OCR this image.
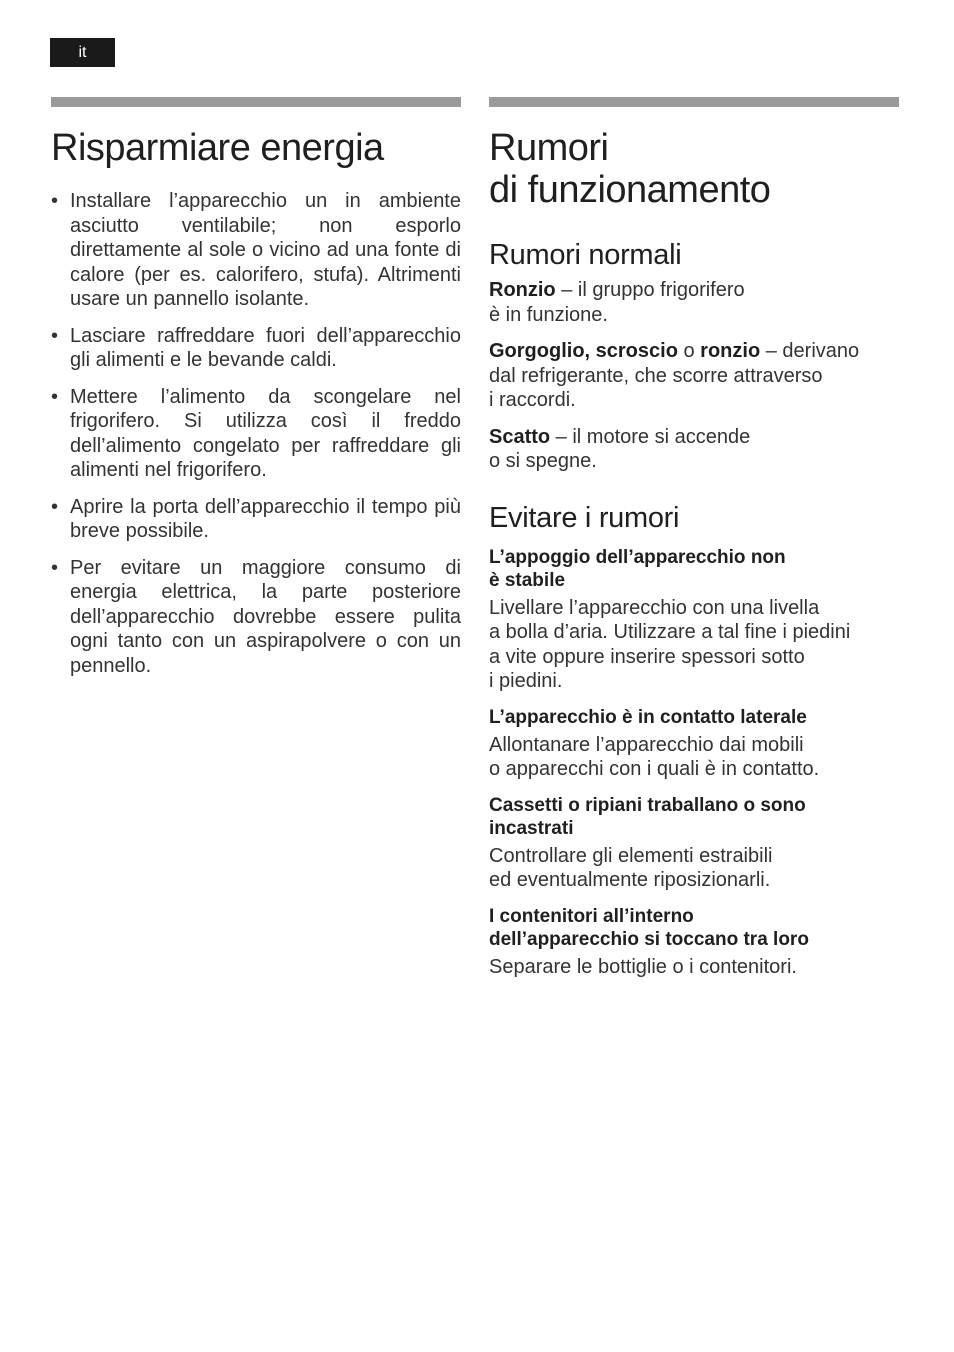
it
Risparmiare energia
• Installare l’apparecchio un in ambiente asciutto ventilabile; non esporlo direttamente al sole o vicino ad una fonte di calore (per es. calorifero, stufa). Altrimenti usare un pannello isolante.
• Lasciare raffreddare fuori dell’apparecchio gli alimenti e le bevande caldi.
• Mettere l’alimento da scongelare nel frigorifero. Si utilizza così il freddo dell’alimento congelato per raffreddare gli alimenti nel frigorifero.
• Aprire la porta dell’apparecchio il tempo più breve possibile.
• Per evitare un maggiore consumo di energia elettrica, la parte posteriore dell’apparecchio dovrebbe essere pulita ogni tanto con un aspirapolvere o con un pennello.
Rumori
di funzionamento
Rumori normali

Ronzio – il gruppo frigorifero
è in funzione.

Gorgoglio, scroscio o ronzio – derivano
dal refrigerante, che scorre attraverso
i raccordi.

Scatto – il motore si accende
o si spegne.

Evitare i rumori
L’appoggio dell’apparecchio non
è stabile

Livellare l’apparecchio con una livella
a bolla d’aria. Utilizzare a tal fine i piedini
a vite oppure inserire spessori sotto
i piedini.

L’apparecchio è in contatto laterale

Allontanare l’apparecchio dai mobili
o apparecchi con i quali è in contatto.

Cassetti o ripiani traballano o sono
incastrati

Controllare gli elementi estraibili
ed eventualmente riposizionarli.

I contenitori all’interno
dell’apparecchio si toccano tra loro

Separare le bottiglie o i contenitori.
